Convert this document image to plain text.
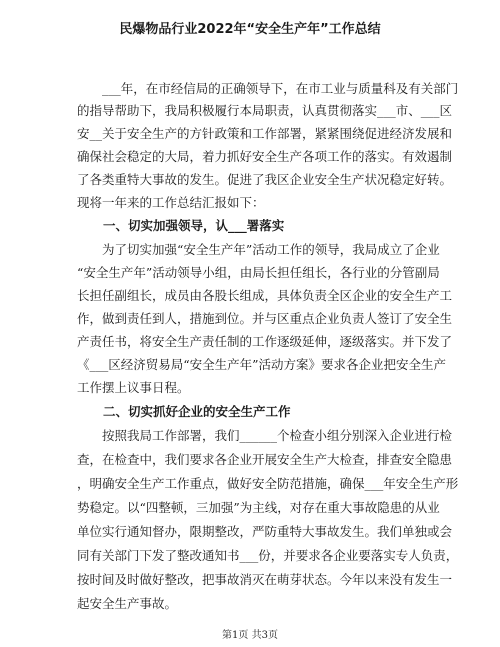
民爆物品行业2022年“安全生产年”工作总结
___年，在市经信局的正确领导下，在市工业与质量科及有关部门
的指导帮助下，我局积极履行本局职责，认真贯彻落实___市、___区
安__关于安全生产的方针政策和工作部署，紧紧围绕促进经济发展和
确保社会稳定的大局，着力抓好安全生产各项工作的落实。有效遏制
了各类重特大事故的发生。促进了我区企业安全生产状况稳定好转。
现将一年来的工作总结汇报如下：
一、切实加强领导，认___署落实
为了切实加强“安全生产年”活动工作的领导，我局成立了企业
“安全生产年”活动领导小组，由局长担任组长，各行业的分管副局
长担任副组长，成员由各股长组成，具体负责全区企业的安全生产工
作，做到责任到人，措施到位。并与区重点企业负责人签订了安全生
产责任书，将安全生产责任制的工作逐级延伸，逐级落实。并下发了
《___区经济贸易局“安全生产年”活动方案》要求各企业把安全生产
工作摆上议事日程。
二、切实抓好企业的安全生产工作
按照我局工作部署，我们______个检查小组分别深入企业进行检
查，在检查中，我们要求各企业开展安全生产大检查，排查安全隐患
，明确安全生产工作重点，做好安全防范措施，确保___年安全生产形
势稳定。以“四整顿，三加强”为主线，对存在重大事故隐患的从业
单位实行通知督办，限期整改，严防重特大事故发生。我们单独或会
同有关部门下发了整改通知书___份，并要求各企业要落实专人负责，
按时间及时做好整改，把事故消灭在萌芽状态。今年以来没有发生一
起安全生产事故。
第1页 共3页
